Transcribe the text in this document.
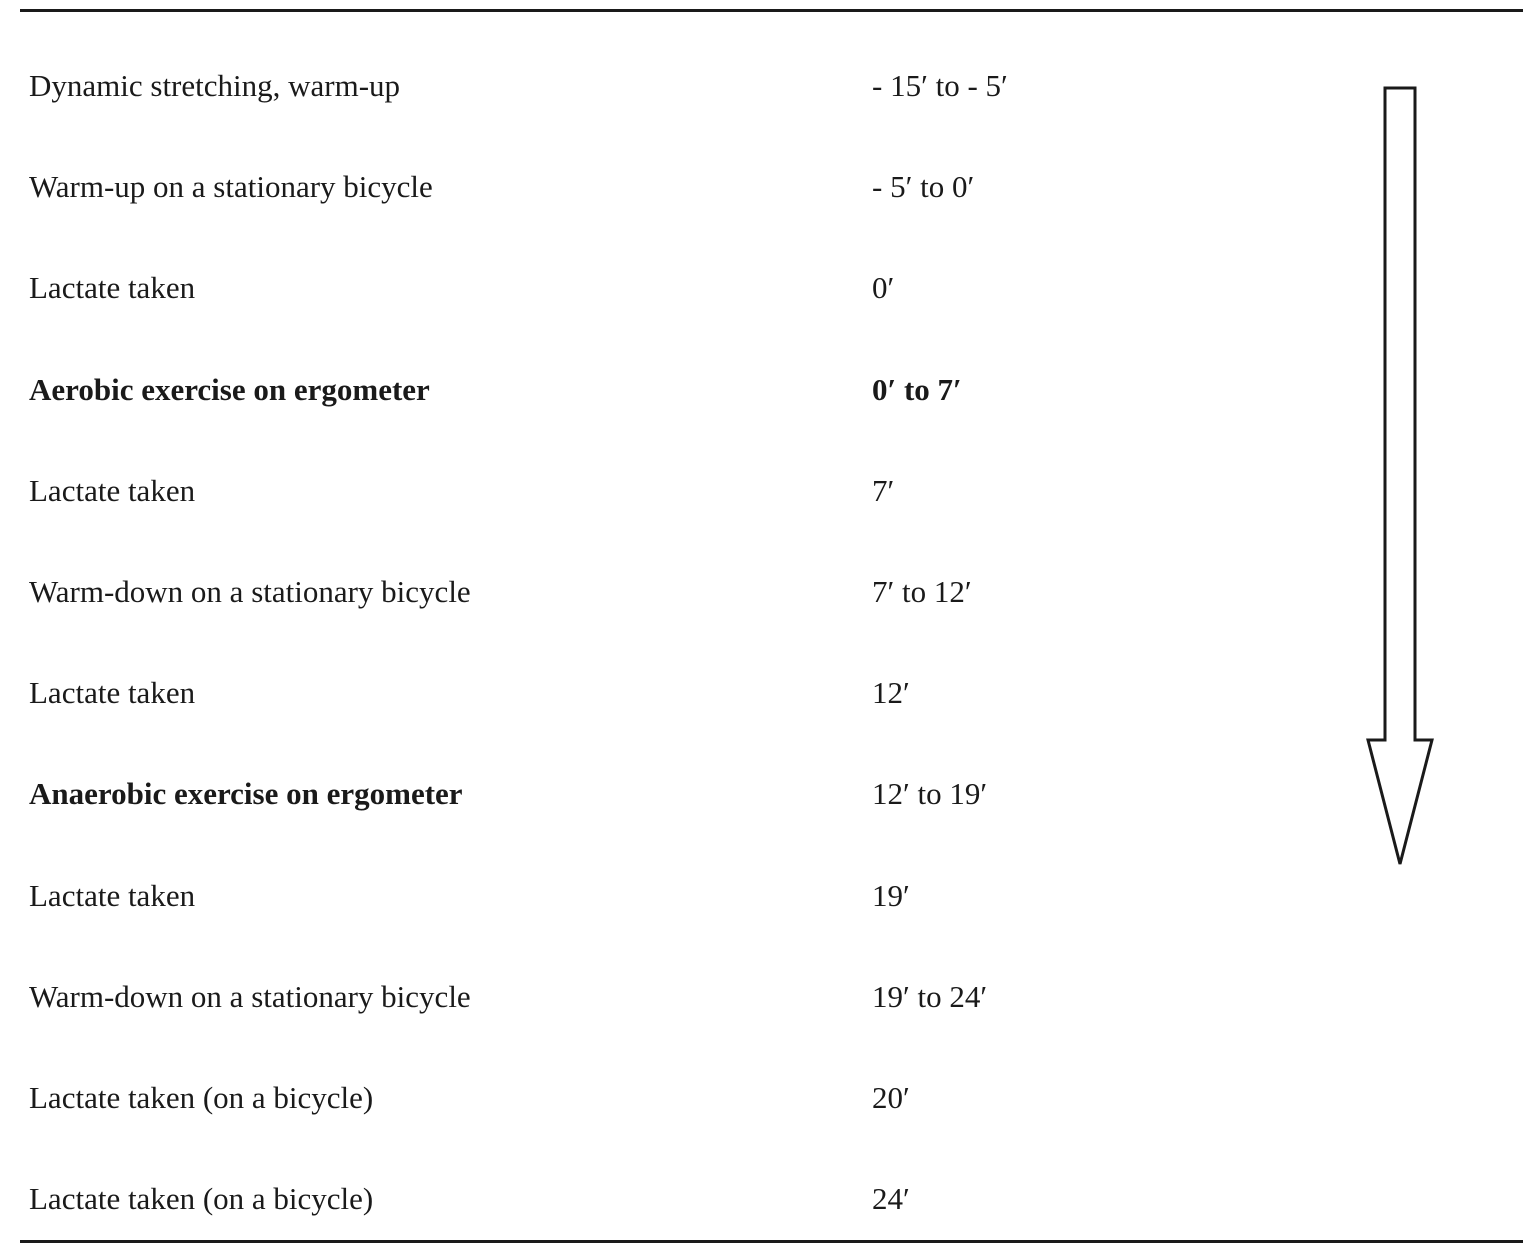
Dynamic stretching, warm-up	- 15′ to - 5′
Warm-up on a stationary bicycle	- 5′ to 0′
Lactate taken	0′
Aerobic exercise on ergometer	0′ to 7′
Lactate taken	7′
Warm-down on a stationary bicycle	7′ to 12′
Lactate taken	12′
Anaerobic exercise on ergometer	12′ to 19′
Lactate taken	19′
Warm-down on a stationary bicycle	19′ to 24′
Lactate taken (on a bicycle)	20′
Lactate taken (on a bicycle)	24′
